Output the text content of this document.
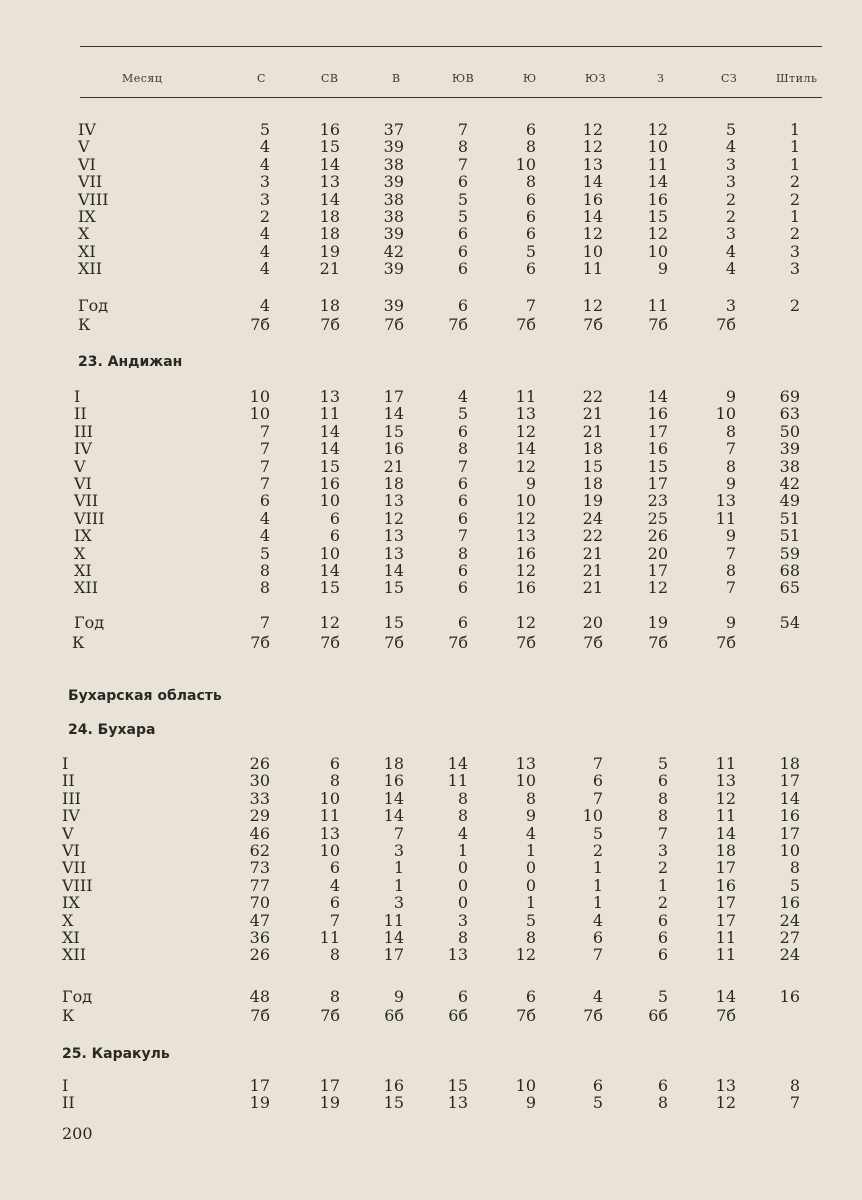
Месяц	С	СВ	В	ЮВ	Ю	ЮЗ	З	СЗ	Штиль
23. Андижан
Бухарская область
24. Бухара
25. Каракуль
200
IV	5	16	37	7	6	12	12	5	1
V	4	15	39	8	8	12	10	4	1
VI	4	14	38	7	10	13	11	3	1
VII	3	13	39	6	8	14	14	3	2
VIII	3	14	38	5	6	16	16	2	2
IX	2	18	38	5	6	14	15	2	1
X	4	18	39	6	6	12	12	3	2
XI	4	19	42	6	5	10	10	4	3
XII	4	21	39	6	6	11	9	4	3
Год	4	18	39	6	7	12	11	3	2
К	7б	7б	7б	7б	7б	7б	7б	7б
I	10	13	17	4	11	22	14	9	69
II	10	11	14	5	13	21	16	10	63
III	7	14	15	6	12	21	17	8	50
IV	7	14	16	8	14	18	16	7	39
V	7	15	21	7	12	15	15	8	38
VI	7	16	18	6	9	18	17	9	42
VII	6	10	13	6	10	19	23	13	49
VIII	4	6	12	6	12	24	25	11	51
IX	4	6	13	7	13	22	26	9	51
X	5	10	13	8	16	21	20	7	59
XI	8	14	14	6	12	21	17	8	68
XII	8	15	15	6	16	21	12	7	65
Год	7	12	15	6	12	20	19	9	54
К	7б	7б	7б	7б	7б	7б	7б	7б
I	26	6	18	14	13	7	5	11	18
II	30	8	16	11	10	6	6	13	17
III	33	10	14	8	8	7	8	12	14
IV	29	11	14	8	9	10	8	11	16
V	46	13	7	4	4	5	7	14	17
VI	62	10	3	1	1	2	3	18	10
VII	73	6	1	0	0	1	2	17	8
VIII	77	4	1	0	0	1	1	16	5
IX	70	6	3	0	1	1	2	17	16
X	47	7	11	3	5	4	6	17	24
XI	36	11	14	8	8	6	6	11	27
XII	26	8	17	13	12	7	6	11	24
Год	48	8	9	6	6	4	5	14	16
К	7б	7б	6б	6б	7б	7б	6б	7б
I	17	17	16	15	10	6	6	13	8
II	19	19	15	13	9	5	8	12	7
